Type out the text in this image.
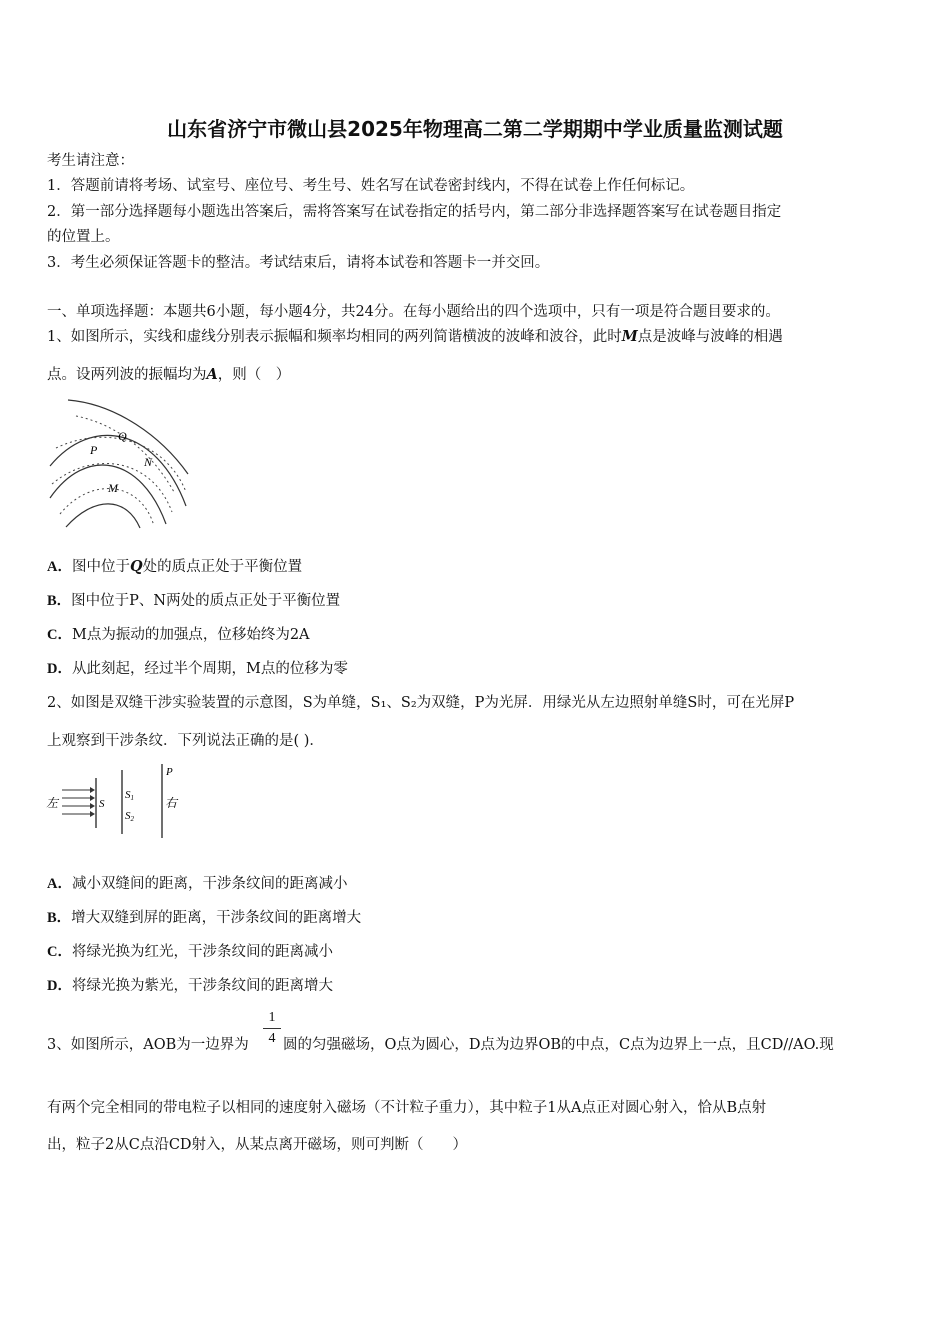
山东省济宁市微山县2025年物理高二第二学期期中学业质量监测试题
考生请注意：
1．答题前请将考场、试室号、座位号、考生号、姓名写在试卷密封线内，不得在试卷上作任何标记。
2．第一部分选择题每小题选出答案后，需将答案写在试卷指定的括号内，第二部分非选择题答案写在试卷题目指定
的位置上。
3．考生必须保证答题卡的整洁。考试结束后，请将本试卷和答题卡一并交回。
一、单项选择题：本题共6小题，每小题4分，共24分。在每小题给出的四个选项中，只有一项是符合题目要求的。
1、如图所示，实线和虚线分别表示振幅和频率均相同的两列简谐横波的波峰和波谷，此时M点是波峰与波峰的相遇
点。设两列波的振幅均为A，则（　）
P
Q
N
M
A．图中位于Q处的质点正处于平衡位置
B．图中位于P、N两处的质点正处于平衡位置
C．M点为振动的加强点，位移始终为2A
D．从此刻起，经过半个周期，M点的位移为零
2、如图是双缝干涉实验装置的示意图，S为单缝，S₁、S₂为双缝，P为光屏．用绿光从左边照射单缝S时，可在光屏P
上观察到干涉条纹．下列说法正确的是( )．
左	S
S1
S2
P
右
A．减小双缝间的距离，干涉条纹间的距离减小
B．增大双缝到屏的距离，干涉条纹间的距离增大
C．将绿光换为红光，干涉条纹间的距离减小
D．将绿光换为紫光，干涉条纹间的距离增大
3、如图所示，AOB为一边界为
1
4 圆的匀强磁场，O点为圆心，D点为边界OB的中点，C点为边界上一点，且CD//AO.现
有两个完全相同的带电粒子以相同的速度射入磁场（不计粒子重力），其中粒子1从A点正对圆心射入，恰从B点射
出，粒子2从C点沿CD射入，从某点离开磁场，则可判断（　　）
